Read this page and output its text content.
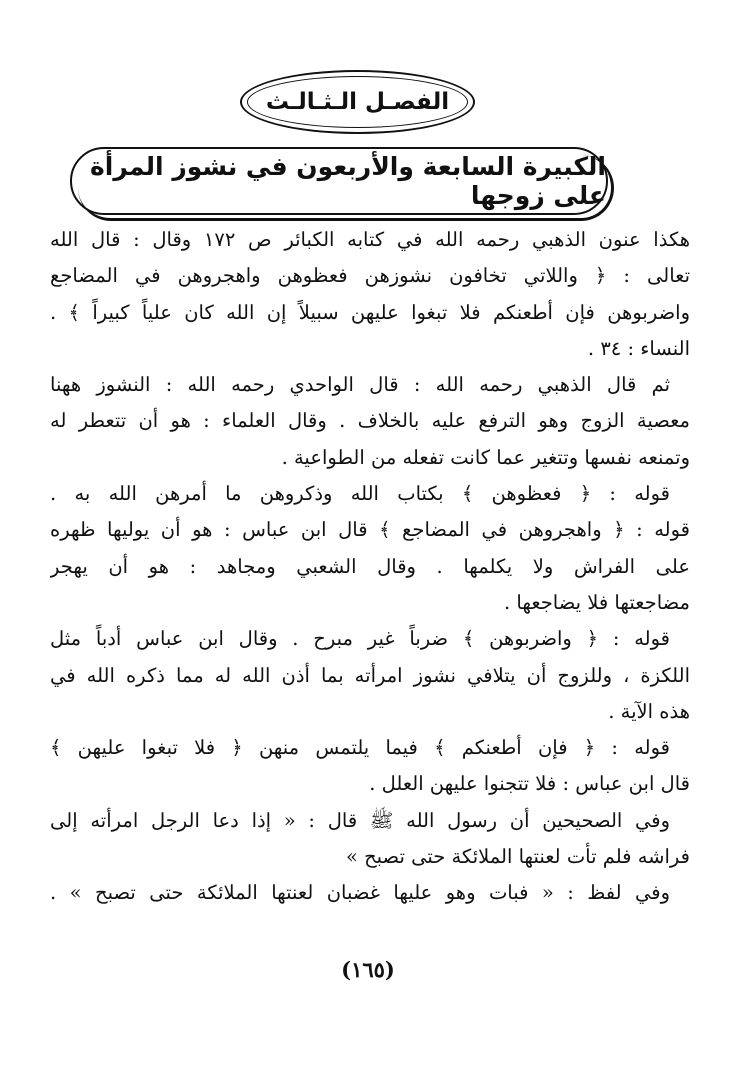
الفصـل الـثـالـث
الكبيرة السابعة والأربعون في نشوز المرأة على زوجها
هكذا عنون الذهبي رحمه الله في كتابه الكبائر ص ١٧٢ وقال : قال الله
تعالى : ﴿ واللاتي تخافون نشوزهن فعظوهن واهجروهن في المضاجع
واضربوهن فإن أطعنكم فلا تبغوا عليهن سبيلاً إن الله كان علياً كبيراً ﴾ .
النساء : ٣٤ .
ثم قال الذهبي رحمه الله : قال الواحدي رحمه الله : النشوز ههنا
معصية الزوج وهو الترفع عليه بالخلاف . وقال العلماء : هو أن تتعطر له
وتمنعه نفسها وتتغير عما كانت تفعله من الطواعية .
قوله : ﴿ فعظوهن ﴾ بكتاب الله وذكروهن ما أمرهن الله به .
قوله : ﴿ واهجروهن في المضاجع ﴾ قال ابن عباس : هو أن يوليها ظهره
على الفراش ولا يكلمها . وقال الشعبي ومجاهد : هو أن يهجر
مضاجعتها فلا يضاجعها .
قوله : ﴿ واضربوهن ﴾ ضرباً غير مبرح . وقال ابن عباس أدباً مثل
اللكزة ، وللزوج أن يتلافي نشوز امرأته بما أذن الله له مما ذكره الله في
هذه الآية .
قوله : ﴿ فإن أطعنكم ﴾ فيما يلتمس منهن ﴿ فلا تبغوا عليهن ﴾
قال ابن عباس : فلا تتجنوا عليهن العلل .
وفي الصحيحين أن رسول الله ﷺ قال : « إذا دعا الرجل امرأته إلى
فراشه فلم تأت لعنتها الملائكة حتى تصبح »
وفي لفظ : « فبات وهو عليها غضبان لعنتها الملائكة حتى تصبح » .
(١٦٥)
